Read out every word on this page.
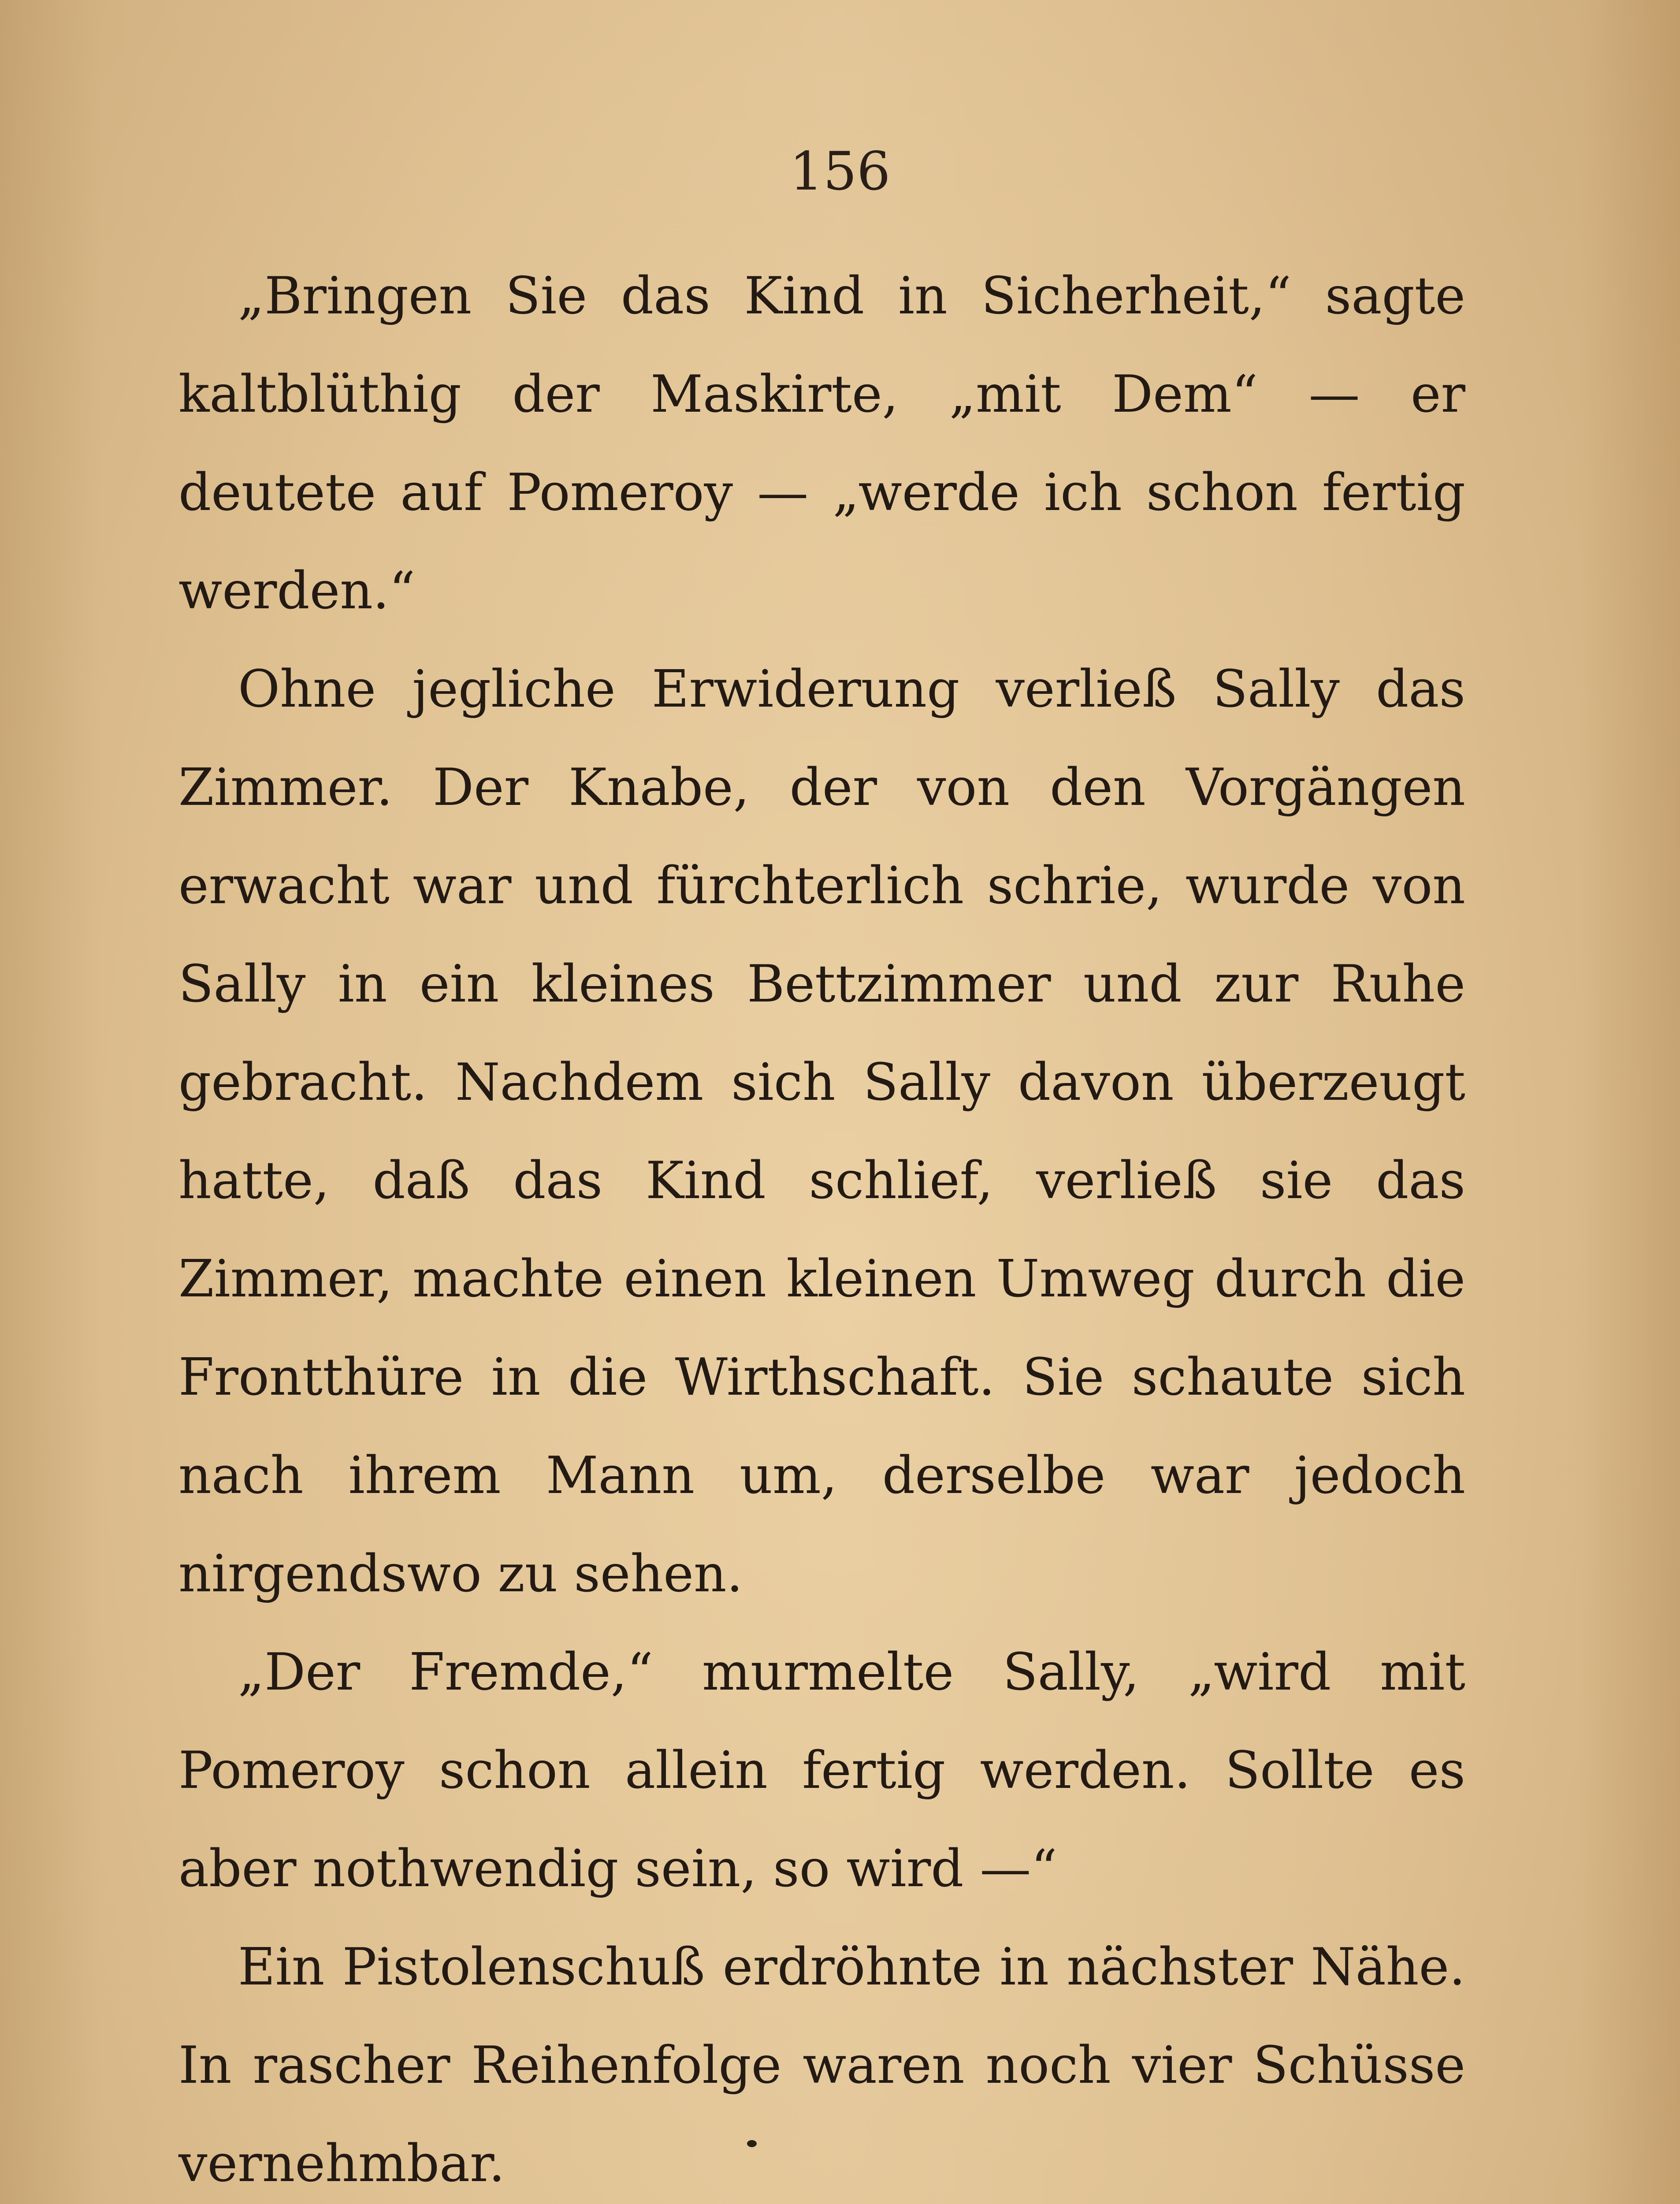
156

„Bringen Sie das Kind in Sicherheit,“ sagte kaltblüthig der Maskirte, „mit Dem“ — er deutete auf Pomeroy — „werde ich schon fertig werden.“

Ohne jegliche Erwiderung verließ Sally das Zimmer. Der Knabe, der von den Vorgängen erwacht war und fürchterlich schrie, wurde von Sally in ein kleines Bettzimmer und zur Ruhe gebracht. Nachdem sich Sally davon überzeugt hatte, daß das Kind schlief, verließ sie das Zimmer, machte einen kleinen Umweg durch die Frontthüre in die Wirthschaft. Sie schaute sich nach ihrem Mann um, derselbe war jedoch nirgendswo zu sehen.

„Der Fremde,“ murmelte Sally, „wird mit Pomeroy schon allein fertig werden. Sollte es aber nothwendig sein, so wird —“

Ein Pistolenschuß erdröhnte in nächster Nähe. In rascher Reihenfolge waren noch vier Schüsse vernehmbar.
